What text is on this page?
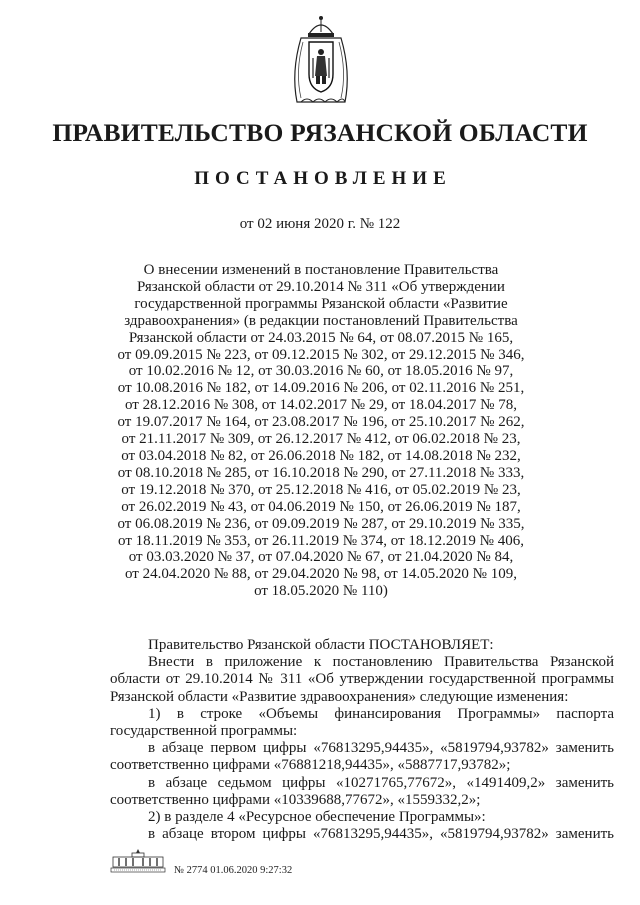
ПРАВИТЕЛЬСТВО РЯЗАНСКОЙ ОБЛАСТИ
ПОСТАНОВЛЕНИЕ
от 02 июня 2020 г. № 122
О внесении изменений в постановление Правительства
Рязанской области от 29.10.2014 № 311 «Об утверждении
государственной программы Рязанской области «Развитие
здравоохранения» (в редакции постановлений Правительства
Рязанской области от 24.03.2015 № 64, от 08.07.2015 № 165,
от 09.09.2015 № 223, от 09.12.2015 № 302, от 29.12.2015 № 346,
от 10.02.2016 № 12, от 30.03.2016 № 60, от 18.05.2016 № 97,
от 10.08.2016 № 182, от 14.09.2016 № 206, от 02.11.2016 № 251,
от 28.12.2016 № 308, от 14.02.2017 № 29, от 18.04.2017 № 78,
от 19.07.2017 № 164, от 23.08.2017 № 196, от 25.10.2017 № 262,
от 21.11.2017 № 309, от 26.12.2017 № 412, от 06.02.2018 № 23,
от 03.04.2018 № 82, от 26.06.2018 № 182, от 14.08.2018 № 232,
от 08.10.2018 № 285, от 16.10.2018 № 290, от 27.11.2018 № 333,
от 19.12.2018 № 370, от 25.12.2018 № 416, от 05.02.2019 № 23,
от 26.02.2019 № 43, от 04.06.2019 № 150, от 26.06.2019 № 187,
от 06.08.2019 № 236, от 09.09.2019 № 287, от 29.10.2019 № 335,
от 18.11.2019 № 353, от 26.11.2019 № 374, от 18.12.2019 № 406,
от 03.03.2020 № 37, от 07.04.2020 № 67, от 21.04.2020 № 84,
от 24.04.2020 № 88, от 29.04.2020 № 98, от 14.05.2020 № 109,
от 18.05.2020 № 110)
Правительство Рязанской области ПОСТАНОВЛЯЕТ:
Внести в приложение к постановлению Правительства Рязанской
области от 29.10.2014 № 311 «Об утверждении государственной программы
Рязанской области «Развитие здравоохранения» следующие изменения:
1) в строке «Объемы финансирования Программы» паспорта
государственной программы:
в абзаце первом цифры «76813295,94435», «5819794,93782» заменить
соответственно цифрами «76881218,94435», «5887717,93782»;
в абзаце седьмом цифры «10271765,77672», «1491409,2» заменить
соответственно цифрами «10339688,77672», «1559332,2»;
2) в разделе 4 «Ресурсное обеспечение Программы»:
в абзаце втором цифры «76813295,94435», «5819794,93782» заменить
№ 2774 01.06.2020 9:27:32
